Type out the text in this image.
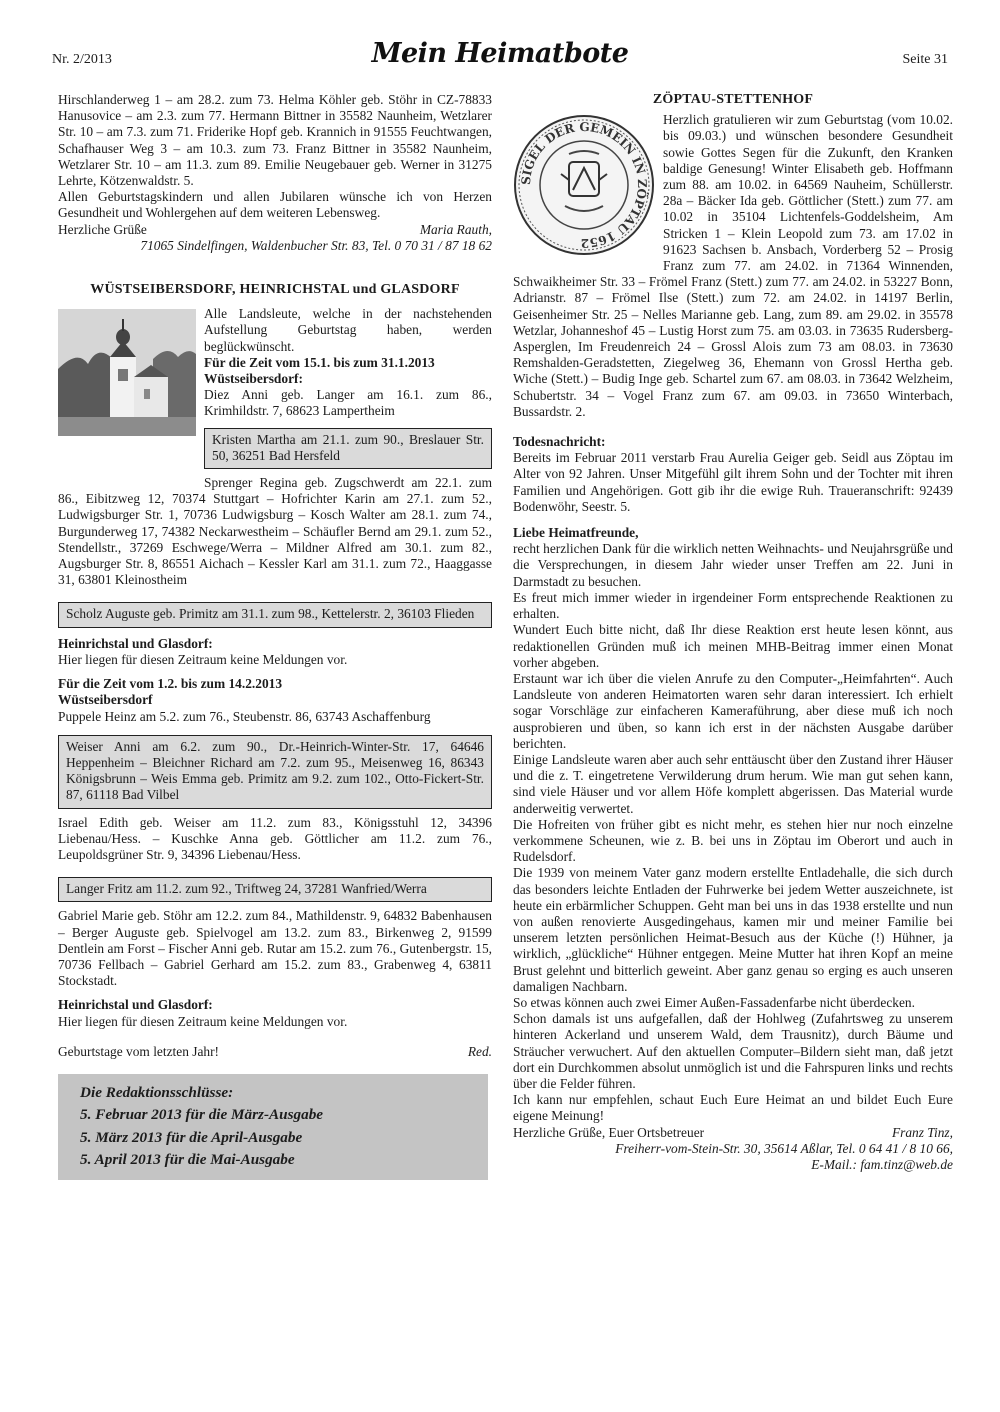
Nr. 2/2013	Mein Heimatbote	Seite 31

Hirschlanderweg 1 – am 28.2. zum 73. Helma Köhler geb. Stöhr in CZ-78833 Hanusovice – am 2.3. zum 77. Hermann Bittner in 35582 Naunheim, Wetzlarer Str. 10 – am 7.3. zum 71. Friderike Hopf geb. Krannich in 91555 Feuchtwangen, Schafhauser Weg 3 – am 10.3. zum 73. Franz Bittner in 35582 Naunheim, Wetzlarer Str. 10 – am 11.3. zum 89. Emilie Neugebauer geb. Werner in 31275 Lehrte, Kötzenwaldstr. 5.

Allen Geburtstagskindern und allen Jubilaren wünsche ich von Herzen Gesundheit und Wohlergehen auf dem weiteren Lebensweg.

Herzliche Grüße	Maria Rauth,

71065 Sindelfingen, Waldenbucher Str. 83, Tel. 0 70 31 / 87 18 62

WÜSTSEIBERSDORF, HEINRICHSTAL und GLASDORF

Alle Landsleute, welche in der nachstehenden Aufstellung Geburtstag haben, werden beglückwünscht.

Für die Zeit vom 15.1. bis zum 31.1.2013
Wüstseibersdorf:

Diez Anni geb. Langer am 16.1. zum 86., Krimhildstr. 7, 68623 Lampertheim

Kristen Martha am 21.1. zum 90., Breslauer Str. 50, 36251 Bad Hersfeld

Sprenger Regina geb. Zugschwerdt am 22.1. zum 86., Eibitzweg 12, 70374 Stuttgart – Hofrichter Karin am 27.1. zum 52., Ludwigsburger Str. 1, 70736 Ludwigsburg – Kosch Walter am 28.1. zum 74., Burgunderweg 17, 74382 Neckarwestheim – Schäufler Bernd am 29.1. zum 52., Stendellstr., 37269 Eschwege/Werra – Mildner Alfred am 30.1. zum 82., Augsburger Str. 8, 86551 Aichach – Kessler Karl am 31.1. zum 72., Haaggasse 31, 63801 Kleinostheim

Scholz Auguste geb. Primitz am 31.1. zum 98., Kettelerstr. 2, 36103 Flieden

Heinrichstal und Glasdorf:

Hier liegen für diesen Zeitraum keine Meldungen vor.

Für die Zeit vom 1.2. bis zum 14.2.2013
Wüstseibersdorf

Puppele Heinz am 5.2. zum 76., Steubenstr. 86, 63743 Aschaffenburg

Weiser Anni am 6.2. zum 90., Dr.-Heinrich-Winter-Str. 17, 64646 Heppenheim – Bleichner Richard am 7.2. zum 95., Meisenweg 16, 86343 Königsbrunn – Weis Emma geb. Primitz am 9.2. zum 102., Otto-Fickert-Str. 87, 61118 Bad Vilbel

Israel Edith geb. Weiser am 11.2. zum 83., Königsstuhl 12, 34396 Liebenau/Hess. – Kuschke Anna geb. Göttlicher am 11.2. zum 76., Leupoldsgrüner Str. 9, 34396 Liebenau/Hess.

Langer Fritz am 11.2. zum 92., Triftweg 24, 37281 Wanfried/Werra

Gabriel Marie geb. Stöhr am 12.2. zum 84., Mathildenstr. 9, 64832 Babenhausen – Berger Auguste geb. Spielvogel am 13.2. zum 83., Birkenweg 2, 91599 Dentlein am Forst – Fischer Anni geb. Rutar am 15.2. zum 76., Gutenbergstr. 15, 70736 Fellbach – Gabriel Gerhard am 15.2. zum 83., Grabenweg 4, 63811 Stockstadt.

Heinrichstal und Glasdorf:

Hier liegen für diesen Zeitraum keine Meldungen vor.

Geburtstage vom letzten Jahr!	Red.
Die Redaktionsschlüsse:
5. Februar 2013 für die März-Ausgabe
5. März 2013 für die April-Ausgabe
5. April 2013 für die Mai-Ausgabe
ZÖPTAU-STETTENHOF
SIGEL DER GEMEIN IN ZÖPTAU 1652

Herzlich gratulieren wir zum Geburtstag (vom 10.02. bis 09.03.) und wünschen besondere Gesundheit sowie Gottes Segen für die Zukunft, den Kranken baldige Genesung! Winter Elisabeth geb. Hoffmann zum 88. am 10.02. in 64569 Nauheim, Schüllerstr. 28a – Bäcker Ida geb. Göttlicher (Stett.) zum 77. am 10.02 in 35104 Lichtenfels-Goddelsheim, Am Stricken 1 – Klein Leopold zum 73. am 17.02 in 91623 Sachsen b. Ansbach, Vorderberg 52 – Prosig Franz zum 77. am 24.02. in 71364 Winnenden, Schwaikheimer Str. 33 – Frömel Franz (Stett.) zum 77. am 24.02. in 53227 Bonn, Adrianstr. 87 – Frömel Ilse (Stett.) zum 72. am 24.02. in 14197 Berlin, Geisenheimer Str. 25 – Nelles Marianne geb. Lang, zum 89. am 29.02. in 35578 Wetzlar, Johanneshof 45 – Lustig Horst zum 75. am 03.03. in 73635 Rudersberg-Asperglen, Im Freudenreich 24 – Grossl Alois zum 73 am 08.03. in 73630 Remshalden-Geradstetten, Ziegelweg 36, Ehemann von Grossl Hertha geb. Wiche (Stett.) – Budig Inge geb. Schartel zum 67. am 08.03. in 73642 Welzheim, Schubertstr. 34 – Vogel Franz zum 67. am 09.03. in 73650 Winterbach, Bussardstr. 2.

Todesnachricht:

Bereits im Februar 2011 verstarb Frau Aurelia Geiger geb. Seidl aus Zöptau im Alter von 92 Jahren. Unser Mitgefühl gilt ihrem Sohn und der Tochter mit ihren Familien und Angehörigen. Gott gib ihr die ewige Ruh. Traueranschrift: 92439 Bodenwöhr, Seestr. 5.

Liebe Heimatfreunde,

recht herzlichen Dank für die wirklich netten Weihnachts- und Neujahrsgrüße und die Versprechungen, in diesem Jahr wieder unser Treffen am 22. Juni in Darmstadt zu besuchen.

Es freut mich immer wieder in irgendeiner Form entsprechende Reaktionen zu erhalten.

Wundert Euch bitte nicht, daß Ihr diese Reaktion erst heute lesen könnt, aus redaktionellen Gründen muß ich meinen MHB-Beitrag immer einen Monat vorher abgeben.

Erstaunt war ich über die vielen Anrufe zu den Computer-„Heimfahrten“. Auch Landsleute von anderen Heimatorten waren sehr daran interessiert. Ich erhielt sogar Vorschläge zur einfacheren Kameraführung, aber diese muß ich noch ausprobieren und üben, so kann ich erst in der nächsten Ausgabe darüber berichten.

Einige Landsleute waren aber auch sehr enttäuscht über den Zustand ihrer Häuser und die z. T. eingetretene Verwilderung drum herum. Wie man gut sehen kann, sind viele Häuser und vor allem Höfe komplett abgerissen. Das Material wurde anderweitig verwertet.

Die Hofreiten von früher gibt es nicht mehr, es stehen hier nur noch einzelne verkommene Scheunen, wie z. B. bei uns in Zöptau im Oberort und auch in Rudelsdorf.

Die 1939 von meinem Vater ganz modern erstellte Entladehalle, die sich durch das besonders leichte Entladen der Fuhrwerke bei jedem Wetter auszeichnete, ist heute ein erbärmlicher Schuppen. Geht man bei uns in das 1938 erstellte und nun von außen renovierte Ausgedingehaus, kamen mir und meiner Familie bei unserem letzten persönlichen Heimat-Besuch aus der Küche (!) Hühner, ja wirklich, „glückliche“ Hühner entgegen. Meine Mutter hat ihren Kopf an meine Brust gelehnt und bitterlich geweint. Aber ganz genau so erging es auch unseren damaligen Nachbarn.

So etwas können auch zwei Eimer Außen-Fassadenfarbe nicht überdecken.

Schon damals ist uns aufgefallen, daß der Hohlweg (Zufahrtsweg zu unserem hinteren Ackerland und unserem Wald, dem Trausnitz), durch Bäume und Sträucher verwuchert. Auf den aktuellen Computer–Bildern sieht man, daß jetzt dort ein Durchkommen absolut unmöglich ist und die Fahrspuren links und rechts über die Felder führen.

Ich kann nur empfehlen, schaut Euch Eure Heimat an und bildet Euch Eure eigene Meinung!

Herzliche Grüße, Euer Ortsbetreuer	Franz Tinz,

Freiherr-vom-Stein-Str. 30, 35614 Aßlar, Tel. 0 64 41 / 8 10 66,

E-Mail.: fam.tinz@web.de
